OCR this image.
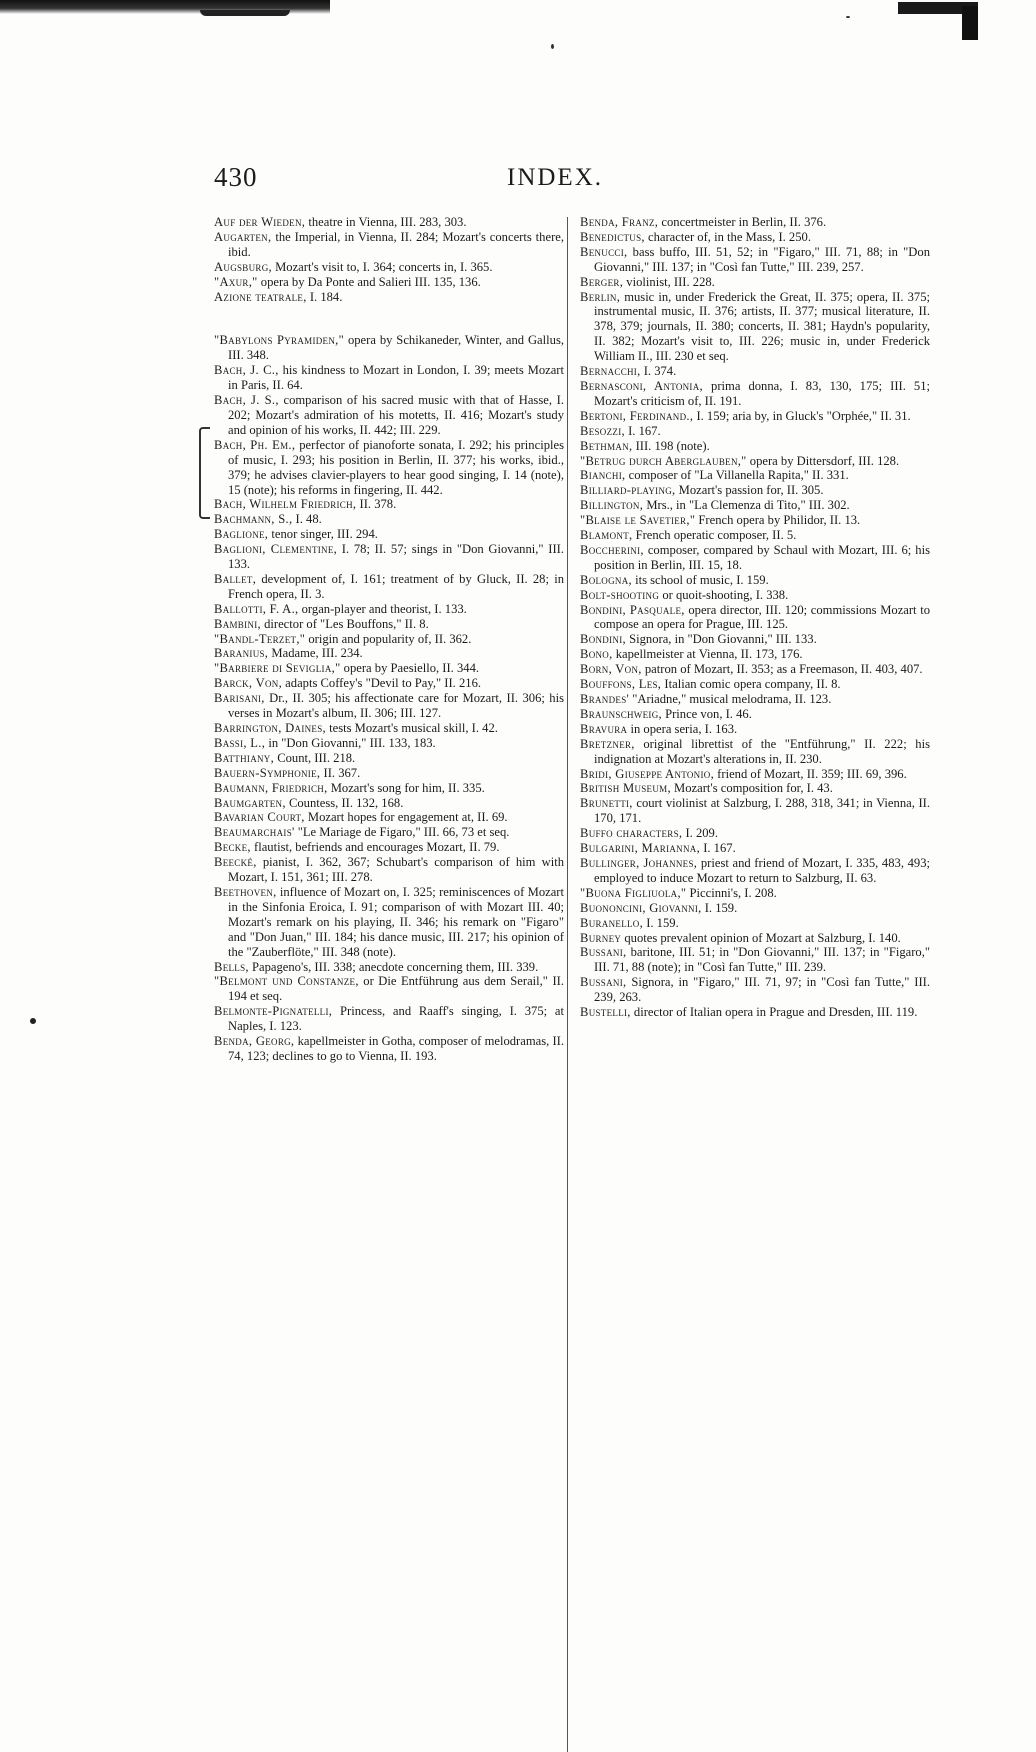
430	INDEX.

Auf der Wieden, theatre in Vienna, III. 283, 303.

Augarten, the Imperial, in Vienna, II. 284; Mozart's concerts there, ibid.

Augsburg, Mozart's visit to, I. 364; concerts in, I. 365.

"Axur," opera by Da Ponte and Salieri III. 135, 136.

Azione teatrale, I. 184.

"Babylons Pyramiden," opera by Schikaneder, Winter, and Gallus, III. 348.

Bach, J. C., his kindness to Mozart in London, I. 39; meets Mozart in Paris, II. 64.

Bach, J. S., comparison of his sacred music with that of Hasse, I. 202; Mozart's admiration of his motetts, II. 416; Mozart's study and opinion of his works, II. 442; III. 229.

Bach, Ph. Em., perfector of pianoforte sonata, I. 292; his principles of music, I. 293; his position in Berlin, II. 377; his works, ibid., 379; he advises clavier-players to hear good singing, I. 14 (note), 15 (note); his reforms in fingering, II. 442.

Bach, Wilhelm Friedrich, II. 378.

Bachmann, S., I. 48.

Baglione, tenor singer, III. 294.

Baglioni, Clementine, I. 78; II. 57; sings in "Don Giovanni," III. 133.

Ballet, development of, I. 161; treatment of by Gluck, II. 28; in French opera, II. 3.

Ballotti, F. A., organ-player and theorist, I. 133.

Bambini, director of "Les Bouffons," II. 8.

"Bandl-Terzet," origin and popularity of, II. 362.

Baranius, Madame, III. 234.

"Barbiere di Seviglia," opera by Paesiello, II. 344.

Barck, Von, adapts Coffey's "Devil to Pay," II. 216.

Barisani, Dr., II. 305; his affectionate care for Mozart, II. 306; his verses in Mozart's album, II. 306; III. 127.

Barrington, Daines, tests Mozart's musical skill, I. 42.

Bassi, L., in "Don Giovanni," III. 133, 183.

Batthiany, Count, III. 218.

Bauern-Symphonie, II. 367.

Baumann, Friedrich, Mozart's song for him, II. 335.

Baumgarten, Countess, II. 132, 168.

Bavarian Court, Mozart hopes for engagement at, II. 69.

Beaumarchais' "Le Mariage de Figaro," III. 66, 73 et seq.

Becke, flautist, befriends and encourages Mozart, II. 79.

Beecké, pianist, I. 362, 367; Schubart's comparison of him with Mozart, I. 151, 361; III. 278.

Beethoven, influence of Mozart on, I. 325; reminiscences of Mozart in the Sinfonia Eroica, I. 91; comparison of with Mozart III. 40; Mozart's remark on his playing, II. 346; his remark on "Figaro" and "Don Juan," III. 184; his dance music, III. 217; his opinion of the "Zauberflöte," III. 348 (note).

Bells, Papageno's, III. 338; anecdote concerning them, III. 339.

"Belmont und Constanze, or Die Entführung aus dem Serail," II. 194 et seq.

Belmonte-Pignatelli, Princess, and Raaff's singing, I. 375; at Naples, I. 123.

Benda, Georg, kapellmeister in Gotha, composer of melodramas, II. 74, 123; declines to go to Vienna, II. 193.

Benda, Franz, concertmeister in Berlin, II. 376.

Benedictus, character of, in the Mass, I. 250.

Benucci, bass buffo, III. 51, 52; in "Figaro," III. 71, 88; in "Don Giovanni," III. 137; in "Così fan Tutte," III. 239, 257.

Berger, violinist, III. 228.

Berlin, music in, under Frederick the Great, II. 375; opera, II. 375; instrumental music, II. 376; artists, II. 377; musical literature, II. 378, 379; journals, II. 380; concerts, II. 381; Haydn's popularity, II. 382; Mozart's visit to, III. 226; music in, under Frederick William II., III. 230 et seq.

Bernacchi, I. 374.

Bernasconi, Antonia, prima donna, I. 83, 130, 175; III. 51; Mozart's criticism of, II. 191.

Bertoni, Ferdinand., I. 159; aria by, in Gluck's "Orphée," II. 31.

Besozzi, I. 167.

Bethman, III. 198 (note).

"Betrug durch Aberglauben," opera by Dittersdorf, III. 128.

Bianchi, composer of "La Villanella Rapita," II. 331.

Billiard-playing, Mozart's passion for, II. 305.

Billington, Mrs., in "La Clemenza di Tito," III. 302.

"Blaise le Savetier," French opera by Philidor, II. 13.

Blamont, French operatic composer, II. 5.

Boccherini, composer, compared by Schaul with Mozart, III. 6; his position in Berlin, III. 15, 18.

Bologna, its school of music, I. 159.

Bolt-shooting or quoit-shooting, I. 338.

Bondini, Pasquale, opera director, III. 120; commissions Mozart to compose an opera for Prague, III. 125.

Bondini, Signora, in "Don Giovanni," III. 133.

Bono, kapellmeister at Vienna, II. 173, 176.

Born, Von, patron of Mozart, II. 353; as a Freemason, II. 403, 407.

Bouffons, Les, Italian comic opera company, II. 8.

Brandes' "Ariadne," musical melodrama, II. 123.

Braunschweig, Prince von, I. 46.

Bravura in opera seria, I. 163.

Bretzner, original librettist of the "Entführung," II. 222; his indignation at Mozart's alterations in, II. 230.

Bridi, Giuseppe Antonio, friend of Mozart, II. 359; III. 69, 396.

British Museum, Mozart's composition for, I. 43.

Brunetti, court violinist at Salzburg, I. 288, 318, 341; in Vienna, II. 170, 171.

Buffo characters, I. 209.

Bulgarini, Marianna, I. 167.

Bullinger, Johannes, priest and friend of Mozart, I. 335, 483, 493; employed to induce Mozart to return to Salzburg, II. 63.

"Buona Figliuola," Piccinni's, I. 208.

Buononcini, Giovanni, I. 159.

Buranello, I. 159.

Burney quotes prevalent opinion of Mozart at Salzburg, I. 140.

Bussani, baritone, III. 51; in "Don Giovanni," III. 137; in "Figaro," III. 71, 88 (note); in "Così fan Tutte," III. 239.

Bussani, Signora, in "Figaro," III. 71, 97; in "Così fan Tutte," III. 239, 263.

Bustelli, director of Italian opera in Prague and Dresden, III. 119.
